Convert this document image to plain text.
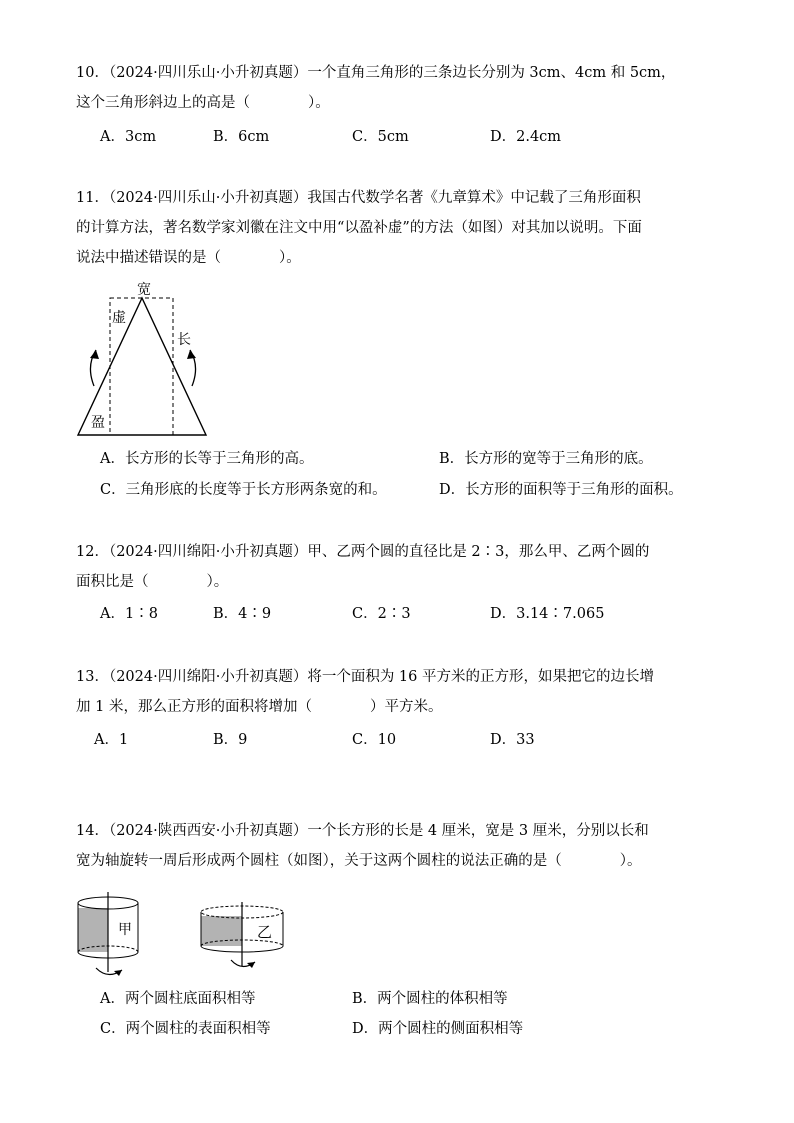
10．（2024·四川乐山·小升初真题）一个直角三角形的三条边长分别为 3cm、4cm 和 5cm，

这个三角形斜边上的高是（　　　　）。

A．3cm	B．6cm	C．5cm	D．2.4cm

11．（2024·四川乐山·小升初真题）我国古代数学名著《九章算术》中记载了三角形面积

的计算方法，著名数学家刘徽在注文中用“以盈补虚”的方法（如图）对其加以说明。下面

说法中描述错误的是（　　　　）。

宽
虚
长
盈
A．长方形的长等于三角形的高。	B．长方形的宽等于三角形的底。
C．三角形底的长度等于长方形两条宽的和。	D．长方形的面积等于三角形的面积。

12．（2024·四川绵阳·小升初真题）甲、乙两个圆的直径比是 2∶3，那么甲、乙两个圆的

面积比是（　　　　）。

A．1∶8	B．4∶9	C．2∶3	D．3.14∶7.065

13．（2024·四川绵阳·小升初真题）将一个面积为 16 平方米的正方形，如果把它的边长增

加 1 米，那么正方形的面积将增加（　　　　）平方米。

A．1	B．9	C．10	D．33

14．（2024·陕西西安·小升初真题）一个长方形的长是 4 厘米，宽是 3 厘米，分别以长和

宽为轴旋转一周后形成两个圆柱（如图），关于这两个圆柱的说法正确的是（　　　　）。

甲	乙
A．两个圆柱底面积相等	B．两个圆柱的体积相等
C．两个圆柱的表面积相等	D．两个圆柱的侧面积相等
